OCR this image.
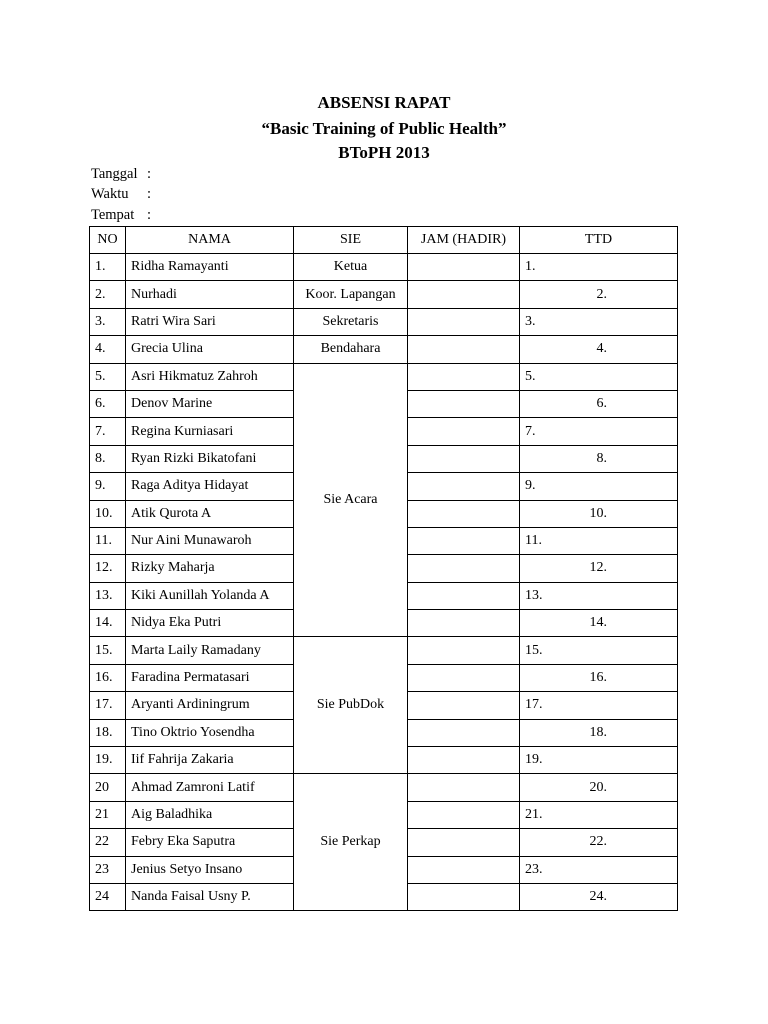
ABSENSI RAPAT
“Basic Training of Public Health”
BToPH 2013
Tanggal :
Waktu :
Tempat :
NO	NAMA	SIE	JAM (HADIR)	TTD
1.	Ridha Ramayanti	Ketua		1.
2.	Nurhadi	Koor. Lapangan		2.
3.	Ratri Wira Sari	Sekretaris		3.
4.	Grecia Ulina	Bendahara		4.
5.	Asri Hikmatuz Zahroh	Sie Acara		5.
6.	Denov Marine			6.
7.	Regina Kurniasari			7.
8.	Ryan Rizki Bikatofani			8.
9.	Raga Aditya Hidayat			9.
10.	Atik Qurota A			10.
11.	Nur Aini Munawaroh			11.
12.	Rizky Maharja			12.
13.	Kiki Aunillah Yolanda A			13.
14.	Nidya Eka Putri			14.
15.	Marta Laily Ramadany	Sie PubDok		15.
16.	Faradina Permatasari			16.
17.	Aryanti Ardiningrum			17.
18.	Tino Oktrio Yosendha			18.
19.	Iif Fahrija Zakaria			19.
20	Ahmad Zamroni Latif	Sie Perkap		20.
21	Aig Baladhika			21.
22	Febry Eka Saputra			22.
23	Jenius Setyo Insano			23.
24	Nanda Faisal Usny P.			24.
